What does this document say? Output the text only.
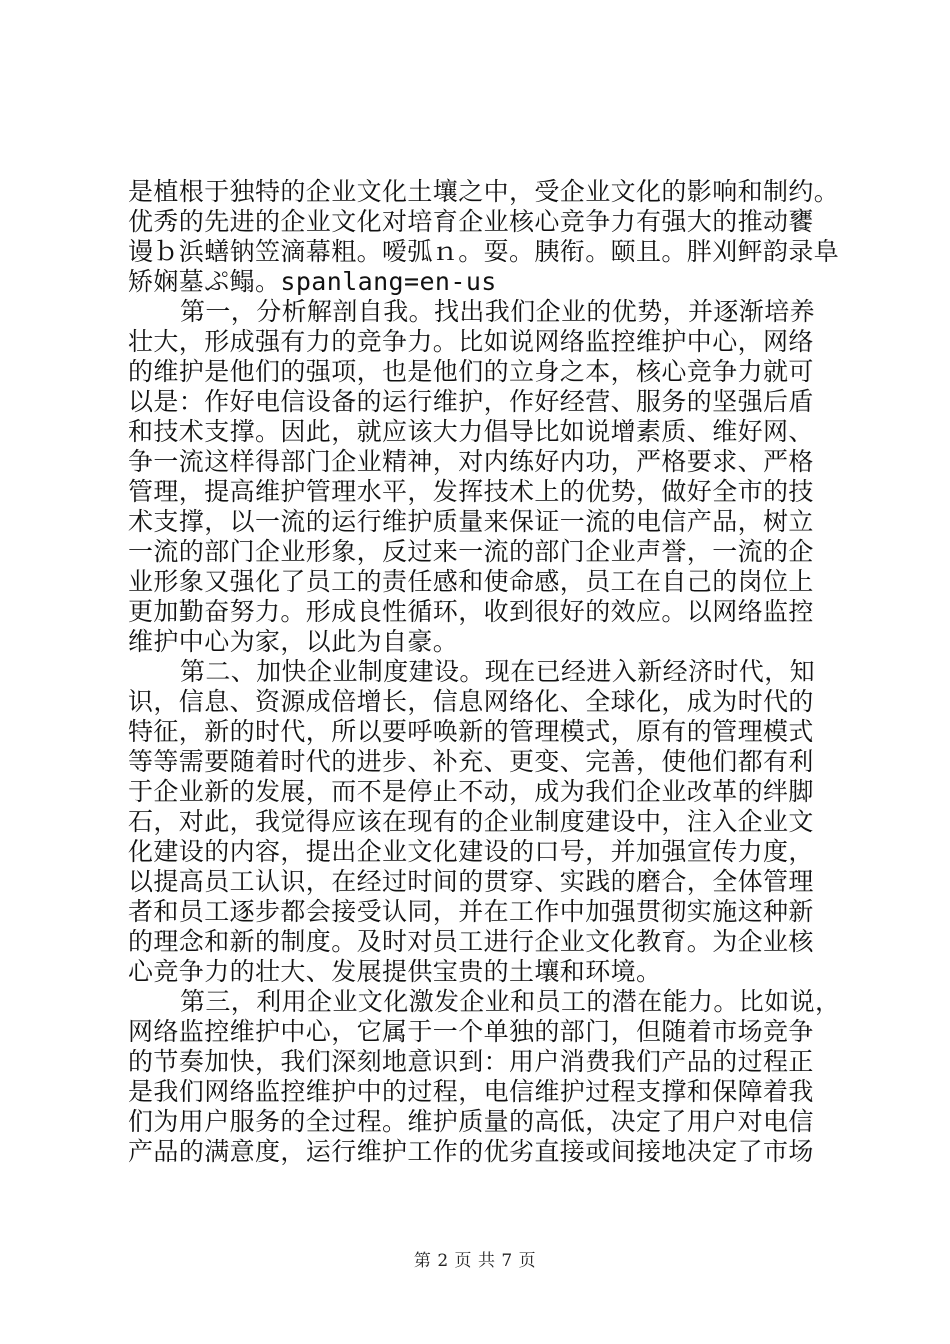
是植根于独特的企业文化土壤之中，受企业文化的影响和制约。
优秀的先进的企业文化对培育企业核心竞争力有强大的推动饔
谩ｂ浜蟮钠笠滴幕粗。嗳弧ｎ。耍。胰衔。颐且。胖刈鲆韵录阜
矫娴墓ぷ鳎。spanlang=en-us
第一，分析解剖自我。找出我们企业的优势，并逐渐培养
壮大，形成强有力的竞争力。比如说网络监控维护中心，网络
的维护是他们的强项，也是他们的立身之本，核心竞争力就可
以是：作好电信设备的运行维护，作好经营、服务的坚强后盾
和技术支撑。因此，就应该大力倡导比如说增素质、维好网、
争一流这样得部门企业精神，对内练好内功，严格要求、严格
管理，提高维护管理水平，发挥技术上的优势，做好全市的技
术支撑，以一流的运行维护质量来保证一流的电信产品，树立
一流的部门企业形象，反过来一流的部门企业声誉，一流的企
业形象又强化了员工的责任感和使命感，员工在自己的岗位上
更加勤奋努力。形成良性循环，收到很好的效应。以网络监控
维护中心为家，以此为自豪。
第二、加快企业制度建设。现在已经进入新经济时代，知
识，信息、资源成倍增长，信息网络化、全球化，成为时代的
特征，新的时代，所以要呼唤新的管理模式，原有的管理模式
等等需要随着时代的进步、补充、更变、完善，使他们都有利
于企业新的发展，而不是停止不动，成为我们企业改革的绊脚
石，对此，我觉得应该在现有的企业制度建设中，注入企业文
化建设的内容，提出企业文化建设的口号，并加强宣传力度，
以提高员工认识，在经过时间的贯穿、实践的磨合，全体管理
者和员工逐步都会接受认同，并在工作中加强贯彻实施这种新
的理念和新的制度。及时对员工进行企业文化教育。为企业核
心竞争力的壮大、发展提供宝贵的土壤和环境。
第三，利用企业文化激发企业和员工的潜在能力。比如说，
网络监控维护中心，它属于一个单独的部门，但随着市场竞争
的节奏加快，我们深刻地意识到：用户消费我们产品的过程正
是我们网络监控维护中的过程，电信维护过程支撑和保障着我
们为用户服务的全过程。维护质量的高低，决定了用户对电信
产品的满意度，运行维护工作的优劣直接或间接地决定了市场
第 2 页 共 7 页
